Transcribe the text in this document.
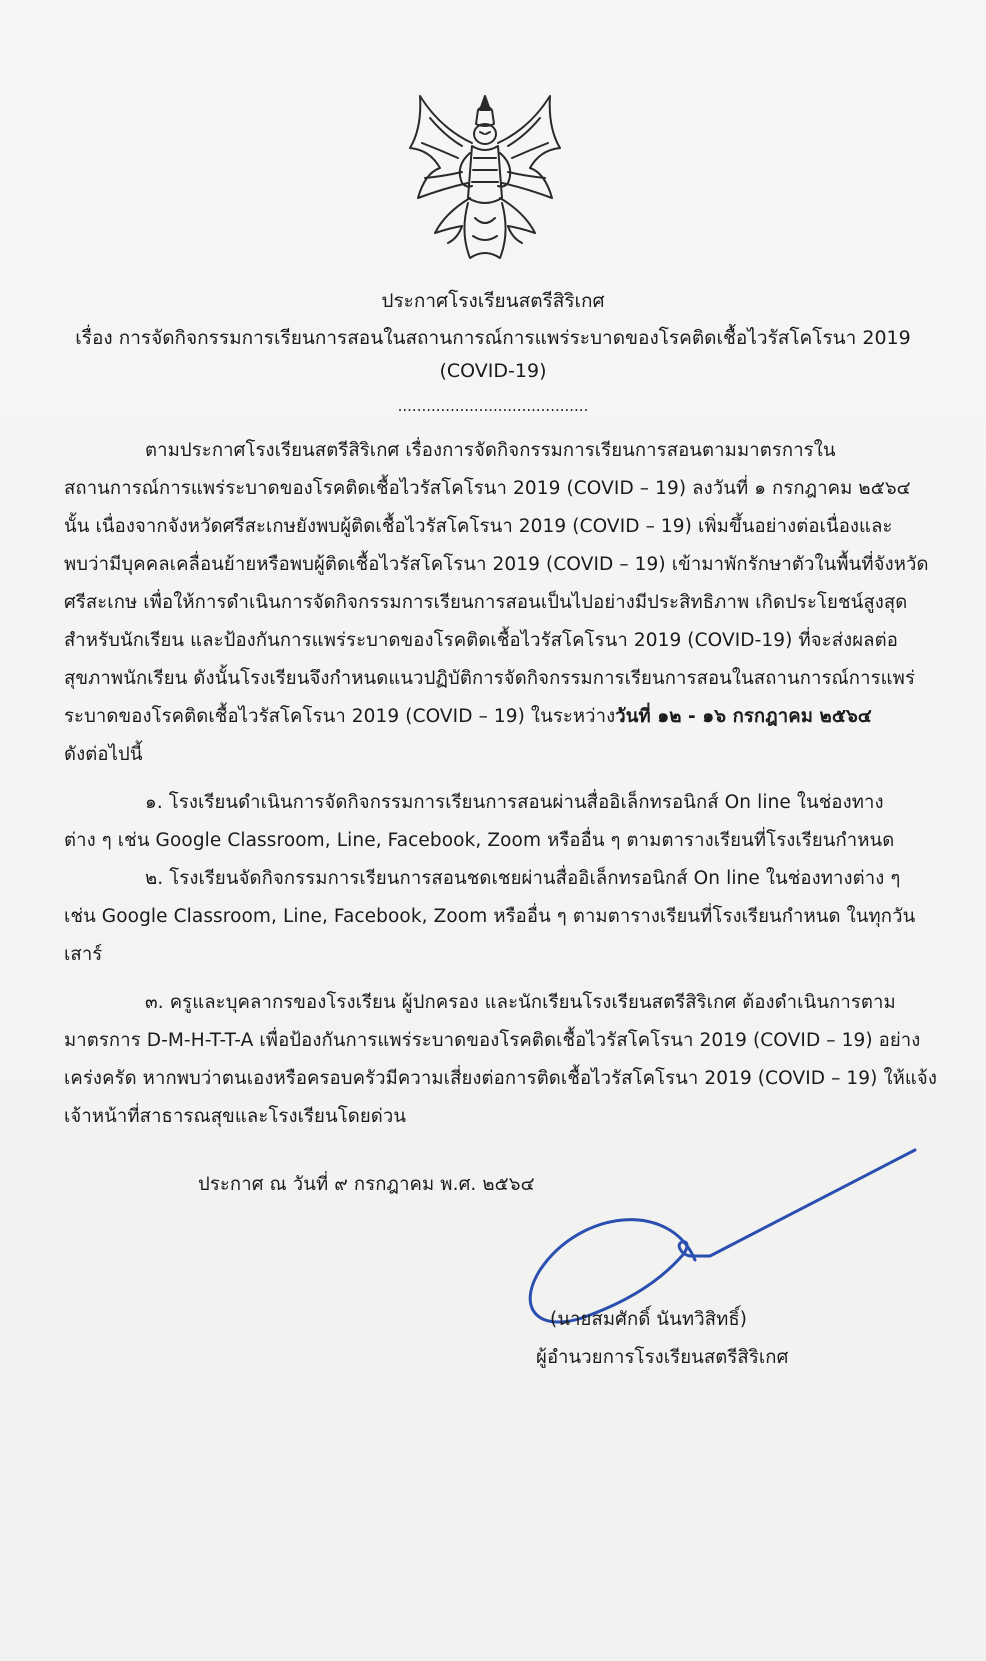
ประกาศโรงเรียนสตรีสิริเกศ
เรื่อง การจัดกิจกรรมการเรียนการสอนในสถานการณ์การแพร่ระบาดของโรคติดเชื้อไวรัสโคโรนา 2019
(COVID-19)
........................................
ตามประกาศโรงเรียนสตรีสิริเกศ เรื่องการจัดกิจกรรมการเรียนการสอนตามมาตรการใน
สถานการณ์การแพร่ระบาดของโรคติดเชื้อไวรัสโคโรนา 2019 (COVID – 19) ลงวันที่ ๑ กรกฎาคม ๒๕๖๔
นั้น เนื่องจากจังหวัดศรีสะเกษยังพบผู้ติดเชื้อไวรัสโคโรนา 2019 (COVID – 19) เพิ่มขึ้นอย่างต่อเนื่องและ
พบว่ามีบุคคลเคลื่อนย้ายหรือพบผู้ติดเชื้อไวรัสโคโรนา 2019 (COVID – 19) เข้ามาพักรักษาตัวในพื้นที่จังหวัด
ศรีสะเกษ เพื่อให้การดำเนินการจัดกิจกรรมการเรียนการสอนเป็นไปอย่างมีประสิทธิภาพ เกิดประโยชน์สูงสุด
สำหรับนักเรียน และป้องกันการแพร่ระบาดของโรคติดเชื้อไวรัสโคโรนา 2019 (COVID-19) ที่จะส่งผลต่อ
สุขภาพนักเรียน ดังนั้นโรงเรียนจึงกำหนดแนวปฏิบัติการจัดกิจกรรมการเรียนการสอนในสถานการณ์การแพร่
ระบาดของโรคติดเชื้อไวรัสโคโรนา 2019 (COVID – 19) ในระหว่างวันที่ ๑๒ - ๑๖ กรกฎาคม ๒๕๖๔
ดังต่อไปนี้
๑. โรงเรียนดำเนินการจัดกิจกรรมการเรียนการสอนผ่านสื่ออิเล็กทรอนิกส์ On line ในช่องทาง
ต่าง ๆ เช่น Google Classroom, Line, Facebook, Zoom หรืออื่น ๆ ตามตารางเรียนที่โรงเรียนกำหนด
๒. โรงเรียนจัดกิจกรรมการเรียนการสอนชดเชยผ่านสื่ออิเล็กทรอนิกส์ On line ในช่องทางต่าง ๆ
เช่น Google Classroom, Line, Facebook, Zoom หรืออื่น ๆ ตามตารางเรียนที่โรงเรียนกำหนด ในทุกวัน
เสาร์
๓. ครูและบุคลากรของโรงเรียน ผู้ปกครอง และนักเรียนโรงเรียนสตรีสิริเกศ ต้องดำเนินการตาม
มาตรการ D-M-H-T-T-A เพื่อป้องกันการแพร่ระบาดของโรคติดเชื้อไวรัสโคโรนา 2019 (COVID – 19) อย่าง
เคร่งครัด หากพบว่าตนเองหรือครอบครัวมีความเสี่ยงต่อการติดเชื้อไวรัสโคโรนา 2019 (COVID – 19) ให้แจ้ง
เจ้าหน้าที่สาธารณสุขและโรงเรียนโดยด่วน
ประกาศ ณ วันที่ ๙ กรกฎาคม พ.ศ. ๒๕๖๔
(นายสมศักดิ์ นันทวิสิทธิ์)
ผู้อำนวยการโรงเรียนสตรีสิริเกศ
